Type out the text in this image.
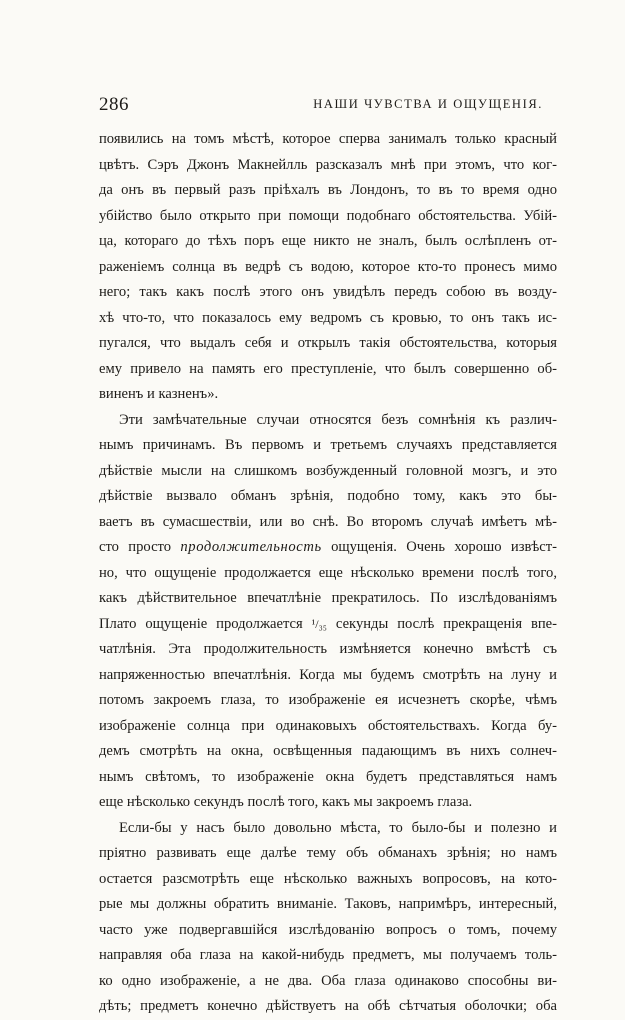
286	НАШИ ЧУВСТВА И ОЩУЩЕНІЯ.
появились на томъ мѣстѣ, которое сперва занималъ только красный
цвѣтъ. Сэръ Джонъ Макнейлль разсказалъ мнѣ при этомъ, что ког-
да онъ въ первый разъ пріѣхалъ въ Лондонъ, то въ то время одно
убійство было открыто при помощи подобнаго обстоятельства. Убій-
ца, котораго до тѣхъ поръ еще никто не зналъ, былъ ослѣпленъ от-
раженіемъ солнца въ ведрѣ съ водою, которое кто-то пронесъ мимо
него; такъ какъ послѣ этого онъ увидѣлъ передъ собою въ возду-
хѣ что-то, что показалось ему ведромъ съ кровью, то онъ такъ ис-
пугался, что выдалъ себя и открылъ такія обстоятельства, которыя
ему привело на память его преступленіе, что былъ совершенно об-
виненъ и казненъ».
Эти замѣчательные случаи относятся безъ сомнѣнія къ различ-
нымъ причинамъ. Въ первомъ и третьемъ случаяхъ представляется
дѣйствіе мысли на слишкомъ возбужденный головной мозгъ, и это
дѣйствіе вызвало обманъ зрѣнія, подобно тому, какъ это бы-
ваетъ въ сумасшествіи, или во снѣ. Во второмъ случаѣ имѣетъ мѣ-
сто просто продолжительность ощущенія. Очень хорошо извѣст-
но, что ощущеніе продолжается еще нѣсколько времени послѣ того,
какъ дѣйствительное впечатлѣніе прекратилось. По изслѣдованіямъ
Плато ощущеніе продолжается ¹/₃₅ секунды послѣ прекращенія впе-
чатлѣнія. Эта продолжительность измѣняется конечно вмѣстѣ съ
напряженностью впечатлѣнія. Когда мы будемъ смотрѣть на луну и
потомъ закроемъ глаза, то изображеніе ея исчезнетъ скорѣе, чѣмъ
изображеніе солнца при одинаковыхъ обстоятельствахъ. Когда бу-
демъ смотрѣть на окна, освѣщенныя падающимъ въ нихъ солнеч-
нымъ свѣтомъ, то изображеніе окна будетъ представляться намъ
еще нѣсколько секундъ послѣ того, какъ мы закроемъ глаза.
Если-бы у насъ было довольно мѣста, то было-бы и полезно и
пріятно развивать еще далѣе тему объ обманахъ зрѣнія; но намъ
остается разсмотрѣть еще нѣсколько важныхъ вопросовъ, на кото-
рые мы должны обратить вниманіе. Таковъ, напримѣръ, интересный,
часто уже подвергавшійся изслѣдованію вопросъ о томъ, почему
направляя оба глаза на какой-нибудь предметъ, мы получаемъ толь-
ко одно изображеніе, а не два. Оба глаза одинаково способны ви-
дѣть; предметъ конечно дѣйствуетъ на обѣ сѣтчатыя оболочки; оба
